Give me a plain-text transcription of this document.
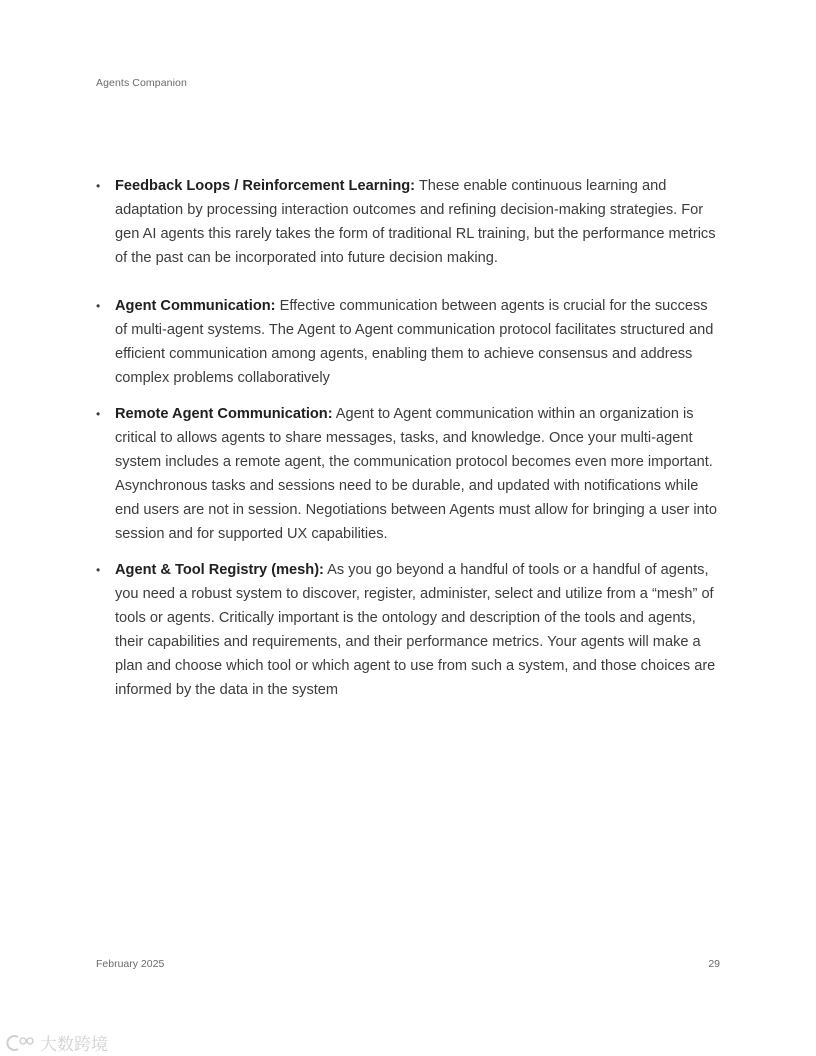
Agents Companion
• Feedback Loops / Reinforcement Learning: These enable continuous learning and adaptation by processing interaction outcomes and refining decision-making strategies. For gen AI agents this rarely takes the form of traditional RL training, but the performance metrics of the past can be incorporated into future decision making.
• Agent Communication: Effective communication between agents is crucial for the success of multi-agent systems. The Agent to Agent communication protocol facilitates structured and efficient communication among agents, enabling them to achieve consensus and address complex problems collaboratively
• Remote Agent Communication: Agent to Agent communication within an organization is critical to allows agents to share messages, tasks, and knowledge. Once your multi-agent system includes a remote agent, the communication protocol becomes even more important. Asynchronous tasks and sessions need to be durable, and updated with notifications while end users are not in session. Negotiations between Agents must allow for bringing a user into session and for supported UX capabilities.
• Agent & Tool Registry (mesh): As you go beyond a handful of tools or a handful of agents, you need a robust system to discover, register, administer, select and utilize from a “mesh” of tools or agents. Critically important is the ontology and description of the tools and agents, their capabilities and requirements, and their performance metrics. Your agents will make a plan and choose which tool or which agent to use from such a system, and those choices are informed by the data in the system
February 2025	29
大数跨境
